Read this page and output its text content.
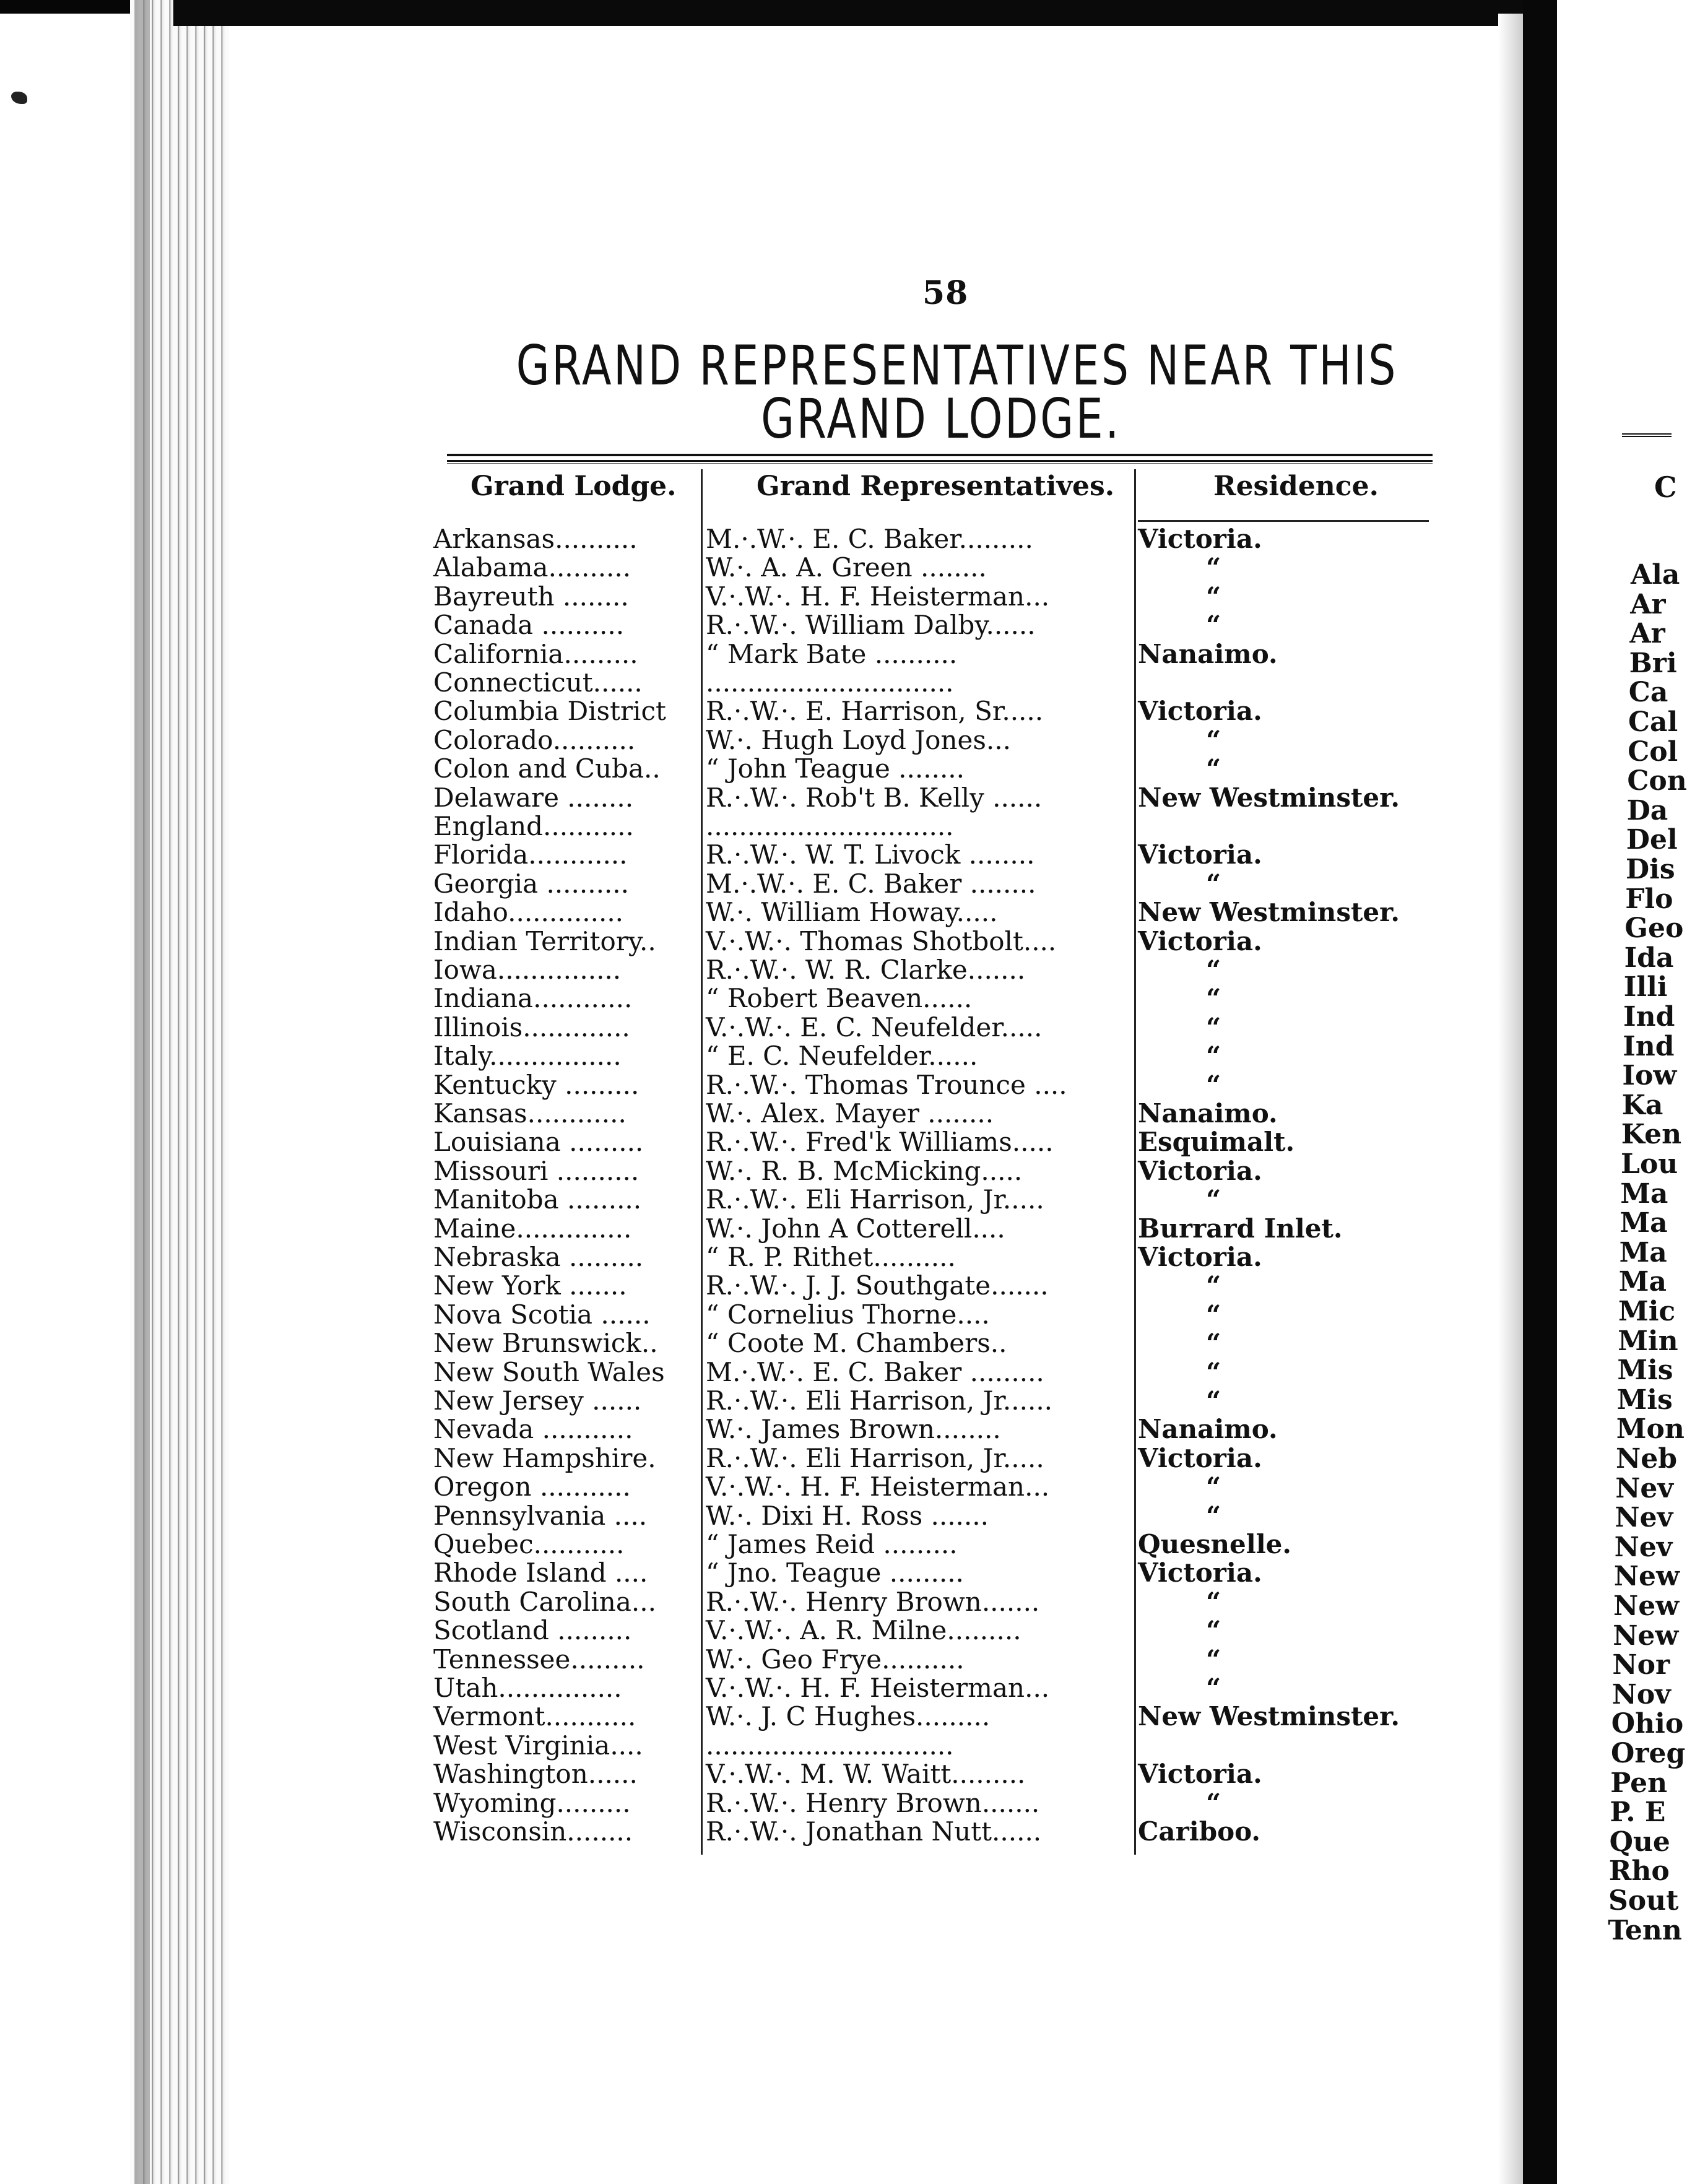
C
Ala
Ar
Ar
Bri
Ca
Cal
Col
Con
Da
Del
Dis
Flo
Geo
Ida
Illi
Ind
Ind
Iow
Ka
Ken
Lou
Ma
Ma
Ma
Ma
Mic
Min
Mis
Mis
Mon
Neb
Nev
Nev
Nev
New
New
New
Nor
Nov
Ohio
Oreg
Pen
P. E
Que
Rho
Sout
Tenn
58
GRAND REPRESENTATIVES NEAR THIS
GRAND LODGE.
Grand Lodge.	Grand Representatives.	Residence.
Arkansas..........	M.·.W.·. E. C. Baker.........	Victoria.
Alabama..........	W.·. A. A. Green ........	“
Bayreuth ........	V.·.W.·. H. F. Heisterman...	“
Canada ..........	R.·.W.·. William Dalby......	“
California.........	“ Mark Bate ..........	Nanaimo.
Connecticut......	..............................
Columbia District	R.·.W.·. E. Harrison, Sr.....	Victoria.
Colorado..........	W.·. Hugh Loyd Jones...	“
Colon and Cuba..	“ John Teague ........	“
Delaware ........	R.·.W.·. Rob't B. Kelly ......	New Westminster.
England...........	..............................
Florida............	R.·.W.·. W. T. Livock ........	Victoria.
Georgia ..........	M.·.W.·. E. C. Baker ........	“
Idaho..............	W.·. William Howay.....	New Westminster.
Indian Territory..	V.·.W.·. Thomas Shotbolt....	Victoria.
Iowa...............	R.·.W.·. W. R. Clarke.......	“
Indiana............	“ Robert Beaven......	“
Illinois.............	V.·.W.·. E. C. Neufelder.....	“
Italy................	“ E. C. Neufelder......	“
Kentucky .........	R.·.W.·. Thomas Trounce ....	“
Kansas............	W.·. Alex. Mayer ........	Nanaimo.
Louisiana .........	R.·.W.·. Fred'k Williams.....	Esquimalt.
Missouri ..........	W.·. R. B. McMicking.....	Victoria.
Manitoba .........	R.·.W.·. Eli Harrison, Jr.....	“
Maine..............	W.·. John A Cotterell....	Burrard Inlet.
Nebraska .........	“ R. P. Rithet..........	Victoria.
New York .......	R.·.W.·. J. J. Southgate.......	“
Nova Scotia ......	“ Cornelius Thorne....	“
New Brunswick..	“ Coote M. Chambers..	“
New South Wales	M.·.W.·. E. C. Baker .........	“
New Jersey ......	R.·.W.·. Eli Harrison, Jr......	“
Nevada ...........	W.·. James Brown........	Nanaimo.
New Hampshire.	R.·.W.·. Eli Harrison, Jr.....	Victoria.
Oregon ...........	V.·.W.·. H. F. Heisterman...	“
Pennsylvania ....	W.·. Dixi H. Ross .......	“
Quebec...........	“ James Reid .........	Quesnelle.
Rhode Island ....	“ Jno. Teague .........	Victoria.
South Carolina...	R.·.W.·. Henry Brown.......	“
Scotland .........	V.·.W.·. A. R. Milne.........	“
Tennessee.........	W.·. Geo Frye..........	“
Utah...............	V.·.W.·. H. F. Heisterman...	“
Vermont...........	W.·. J. C Hughes.........	New Westminster.
West Virginia....	..............................
Washington......	V.·.W.·. M. W. Waitt.........	Victoria.
Wyoming.........	R.·.W.·. Henry Brown.......	“
Wisconsin........	R.·.W.·. Jonathan Nutt......	Cariboo.
